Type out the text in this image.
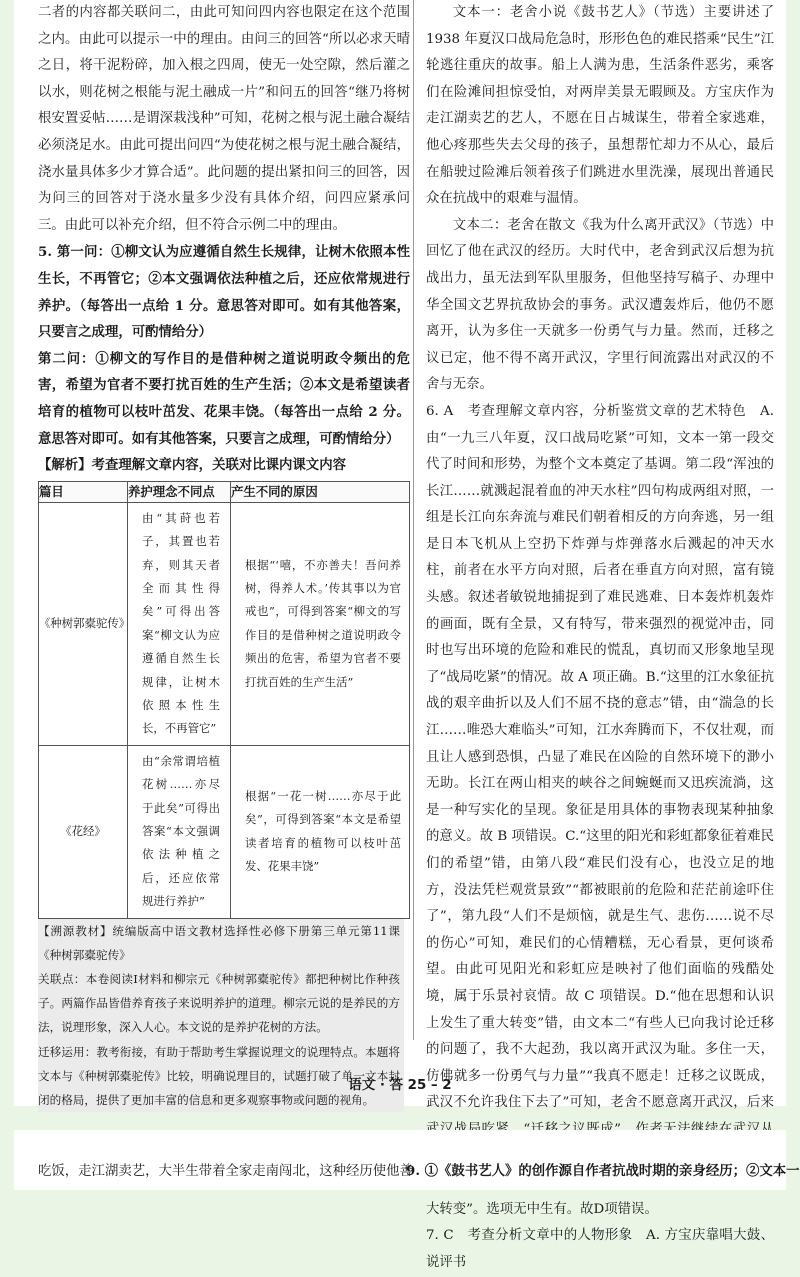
二者的内容都关联问二，由此可知问四内容也限定在这个范围之内。由此可以提示一中的理由。由问三的回答“所以必求天晴之日，将干泥粉碎，加入根之四周，使无一处空隙，然后灌之以水，则花树之根能与泥土融成一片”和问五的回答“继乃将树根安置妥帖……是谓深栽浅种”可知，花树之根与泥土融合凝结必须浇足水。由此可提出问四“为使花树之根与泥土融合凝结，浇水量具体多少才算合适”。此问题的提出紧扣问三的回答，因为问三的回答对于浇水量多少没有具体介绍，问四应紧承问三。由此可以补充介绍，但不符合示例二中的理由。

5. 第一问：①柳文认为应遵循自然生长规律，让树木依照本性生长，不再管它；②本文强调依法种植之后，还应依常规进行养护。（每答出一点给 1 分。意思答对即可。如有其他答案，只要言之成理，可酌情给分）

第二问：①柳文的写作目的是借种树之道说明政令频出的危害，希望为官者不要打扰百姓的生产生活；②本文是希望读者培育的植物可以枝叶茁发、花果丰饶。（每答出一点给 2 分。意思答对即可。如有其他答案，只要言之成理，可酌情给分）

【解析】考查理解文章内容，关联对比课内课文内容

篇目	养护理念不同点	产生不同的原因
《种树郭橐驼传》	由“其莳也若子，其置也若弃，则其天者全而其性得矣”可得出答案“柳文认为应遵循自然生长规律，让树木依照本性生长，不再管它”	根据“‘嘻，不亦善夫！吾问养树，得养人术。’传其事以为官戒也”，可得到答案“柳文的写作目的是借种树之道说明政令频出的危害，希望为官者不要打扰百姓的生产生活”
《花经》	由“余常谓培植花树……亦尽于此矣”可得出答案“本文强调依法种植之后，还应依常规进行养护”	根据“一花一树……亦尽于此矣”，可得到答案“本文是希望读者培育的植物可以枝叶茁发、花果丰饶”

【溯源教材】统编版高中语文教材选择性必修下册第三单元第11课《种树郭橐驼传》

关联点：本卷阅读Ⅰ材料和柳宗元《种树郭橐驼传》都把种树比作种孩子。两篇作品皆借养育孩子来说明养护的道理。柳宗元说的是养民的方法，说理形象，深入人心。本文说的是养护花树的方法。

迁移运用：教考衔接，有助于帮助考生掌握说理文的说理特点。本题将文本与《种树郭橐驼传》比较，明确说理目的，试题打破了单一文本封闭的格局，提供了更加丰富的信息和更多观察事物或问题的视角。

文本一：老舍小说《鼓书艺人》（节选）主要讲述了 1938 年夏汉口战局危急时，形形色色的难民搭乘“民生”江轮逃往重庆的故事。船上人满为患，生活条件恶劣，乘客们在险滩间担惊受怕，对两岸美景无暇顾及。方宝庆作为走江湖卖艺的艺人，不愿在日占城谋生，带着全家逃难，他心疼那些失去父母的孩子，虽想帮忙却力不从心，最后在船驶过险滩后领着孩子们跳进水里洗澡，展现出普通民众在抗战中的艰难与温情。

文本二：老舍在散文《我为什么离开武汉》（节选）中回忆了他在武汉的经历。大时代中，老舍到武汉后想为抗战出力，虽无法到军队里服务，但他坚持写稿子、办理中华全国文艺界抗敌协会的事务。武汉遭轰炸后，他仍不愿离开，认为多住一天就多一份勇气与力量。然而，迁移之议已定，他不得不离开武汉，字里行间流露出对武汉的不舍与无奈。

6. A　考查理解文章内容，分析鉴赏文章的艺术特色　A. 由“一九三八年夏，汉口战局吃紧”可知，文本一第一段交代了时间和形势，为整个文本奠定了基调。第二段“浑浊的长江……就溅起混着血的冲天水柱”四句构成两组对照，一组是长江向东奔流与难民们朝着相反的方向奔逃，另一组是日本飞机从上空扔下炸弹与炸弹落水后溅起的冲天水柱，前者在水平方向对照，后者在垂直方向对照，富有镜头感。叙述者敏锐地捕捉到了难民逃难、日本轰炸机轰炸的画面，既有全景，又有特写，带来强烈的视觉冲击，同时也写出环境的危险和难民的慌乱，真切而又形象地呈现了“战局吃紧”的情况。故 A 项正确。B.“这里的江水象征抗战的艰辛曲折以及人们不屈不挠的意志”错，由“湍急的长江……唯恐大难临头”可知，江水奔腾而下，不仅壮观，而且让人感到恐惧，凸显了难民在凶险的自然环境下的渺小无助。长江在两山相夹的峡谷之间蜿蜒而又迅疾流淌，这是一种写实化的呈现。象征是用具体的事物表现某种抽象的意义。故 B 项错误。C.“这里的阳光和彩虹都象征着难民们的希望”错，由第八段“难民们没有心，也没立足的地方，没法凭栏观赏景致”“都被眼前的危险和茫茫前途吓住了”，第九段“人们不是烦恼，就是生气、悲伤……说不尽的伤心”可知，难民们的心情糟糕，无心看景，更何谈希望。由此可见阳光和彩虹应是映衬了他们面临的残酷处境，属于乐景衬哀情。故 C 项错误。D.“他在思想和认识上发生了重大转变”错，由文本二“有些人已向我讨论迁移的问题了，我不大起劲，我以离开武汉为耻。多住一天，仿佛就多一份勇气与力量”“我真不愿走！迁移之议既成，武汉不允许我住下去了”可知，老舍不愿意离开武汉，后来 大转变”。选项无中生有。故D项错误。

7. C　考查分析文章中的人物形象　A. 方宝庆靠唱大鼓、说评书

语文 · 答 25 – 2
吃饭，走江湖卖艺，大半生带着全家走南闯北，这种经历使他善
9. ①《鼓书艺人》的创作源自作者抗战时期的亲身经历；②文本一
